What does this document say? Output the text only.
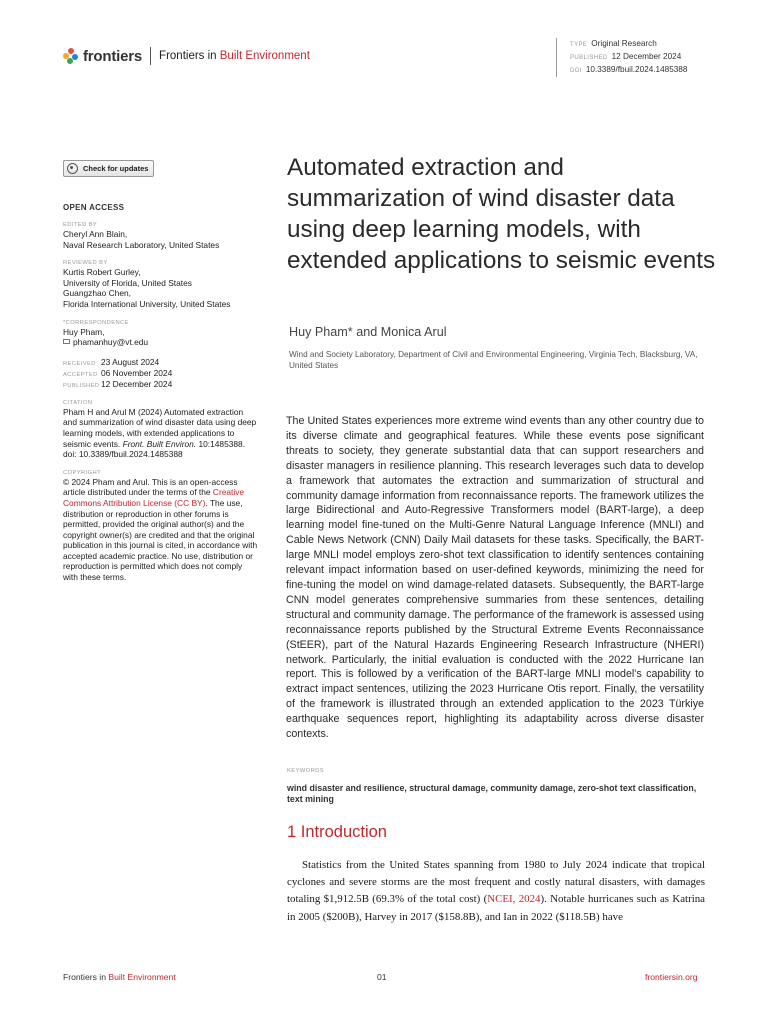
frontiers Frontiers in Built Environment
TYPE Original Research
PUBLISHED 12 December 2024
DOI 10.3389/fbuil.2024.1485388
Check for updates
OPEN ACCESS
EDITED BY
Cheryl Ann Blain,
Naval Research Laboratory, United States
REVIEWED BY
Kurtis Robert Gurley,
University of Florida, United States
Guangzhao Chen,
Florida International University, United States
*CORRESPONDENCE
Huy Pham,
phamanhuy@vt.edu
RECEIVED 23 August 2024
ACCEPTED 06 November 2024
PUBLISHED 12 December 2024
CITATION
Pham H and Arul M (2024) Automated extraction and summarization of wind disaster data using deep learning models, with extended applications to seismic events. Front. Built Environ. 10:1485388.
doi: 10.3389/fbuil.2024.1485388
COPYRIGHT
© 2024 Pham and Arul. This is an open-access article distributed under the terms of the Creative Commons Attribution License (CC BY). The use, distribution or reproduction in other forums is permitted, provided the original author(s) and the copyright owner(s) are credited and that the original publication in this journal is cited, in accordance with accepted academic practice. No use, distribution or reproduction is permitted which does not comply with these terms.
Automated extraction and summarization of wind disaster data using deep learning models, with extended applications to seismic events
Huy Pham* and Monica Arul
Wind and Society Laboratory, Department of Civil and Environmental Engineering, Virginia Tech, Blacksburg, VA, United States

The United States experiences more extreme wind events than any other country due to its diverse climate and geographical features. While these events pose significant threats to society, they generate substantial data that can support researchers and disaster managers in resilience planning. This research leverages such data to develop a framework that automates the extraction and summarization of structural and community damage information from reconnaissance reports. The framework utilizes the large Bidirectional and Auto-Regressive Transformers model (BART-large), a deep learning model fine-tuned on the Multi-Genre Natural Language Inference (MNLI) and Cable News Network (CNN) Daily Mail datasets for these tasks. Specifically, the BART-large MNLI model employs zero-shot text classification to identify sentences containing relevant impact information based on user-defined keywords, minimizing the need for fine-tuning the model on wind damage-related datasets. Subsequently, the BART-large CNN model generates comprehensive summaries from these sentences, detailing structural and community damage. The performance of the framework is assessed using reconnaissance reports published by the Structural Extreme Events Reconnaissance (StEER), part of the Natural Hazards Engineering Research Infrastructure (NHERI) network. Particularly, the initial evaluation is conducted with the 2022 Hurricane Ian report. This is followed by a verification of the BART-large MNLI model's capability to extract impact sentences, utilizing the 2023 Hurricane Otis report. Finally, the versatility of the framework is illustrated through an extended application to the 2023 Türkiye earthquake sequences report, highlighting its adaptability across diverse disaster contexts.

KEYWORDS
wind disaster and resilience, structural damage, community damage, zero-shot text classification, text mining
1 Introduction

Statistics from the United States spanning from 1980 to July 2024 indicate that tropical cyclones and severe storms are the most frequent and costly natural disasters, with damages totaling $1,912.5B (69.3% of the total cost) (NCEI, 2024). Notable hurricanes such as Katrina in 2005 ($200B), Harvey in 2017 ($158.8B), and Ian in 2022 ($118.5B) have

Frontiers in Built Environment	01	frontiersin.org
